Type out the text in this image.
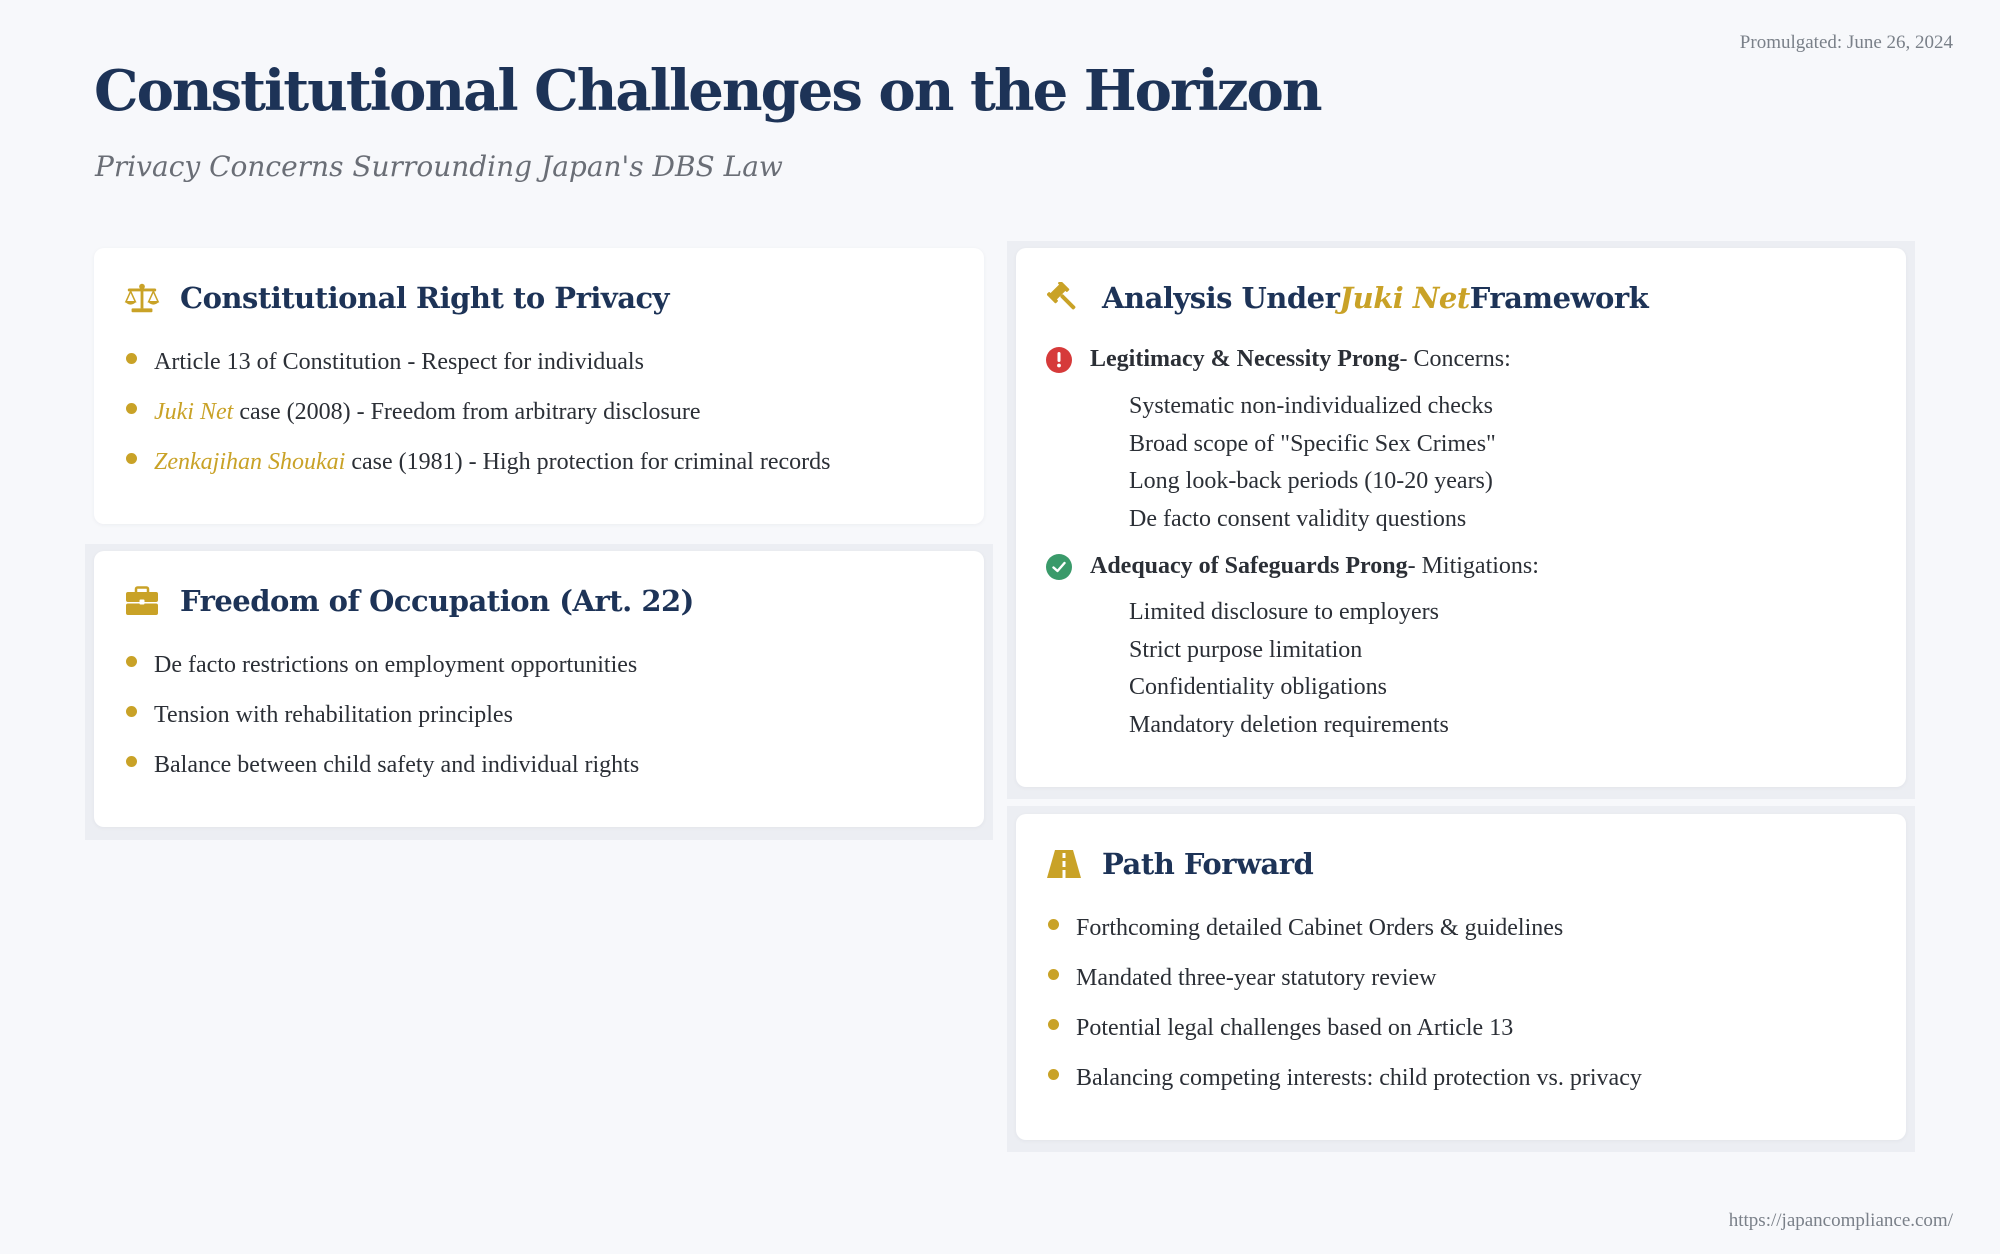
Promulgated: June 26, 2024
Constitutional Challenges on the Horizon

Privacy Concerns Surrounding Japan's DBS Law

Constitutional Right to Privacy
Article 13 of Constitution - Respect for individuals
Juki Net case (2008) - Freedom from arbitrary disclosure
Zenkajihan Shoukai case (1981) - High protection for criminal records
Freedom of Occupation (Art. 22)
De facto restrictions on employment opportunities
Tension with rehabilitation principles
Balance between child safety and individual rights
Analysis UnderJuki NetFramework
Legitimacy & Necessity Prong - Concerns:
Systematic non-individualized checks
Broad scope of "Specific Sex Crimes"
Long look-back periods (10-20 years)
De facto consent validity questions
Adequacy of Safeguards Prong - Mitigations:
Limited disclosure to employers
Strict purpose limitation
Confidentiality obligations
Mandatory deletion requirements
Path Forward
Forthcoming detailed Cabinet Orders & guidelines
Mandated three-year statutory review
Potential legal challenges based on Article 13
Balancing competing interests: child protection vs. privacy
https://japancompliance.com/
